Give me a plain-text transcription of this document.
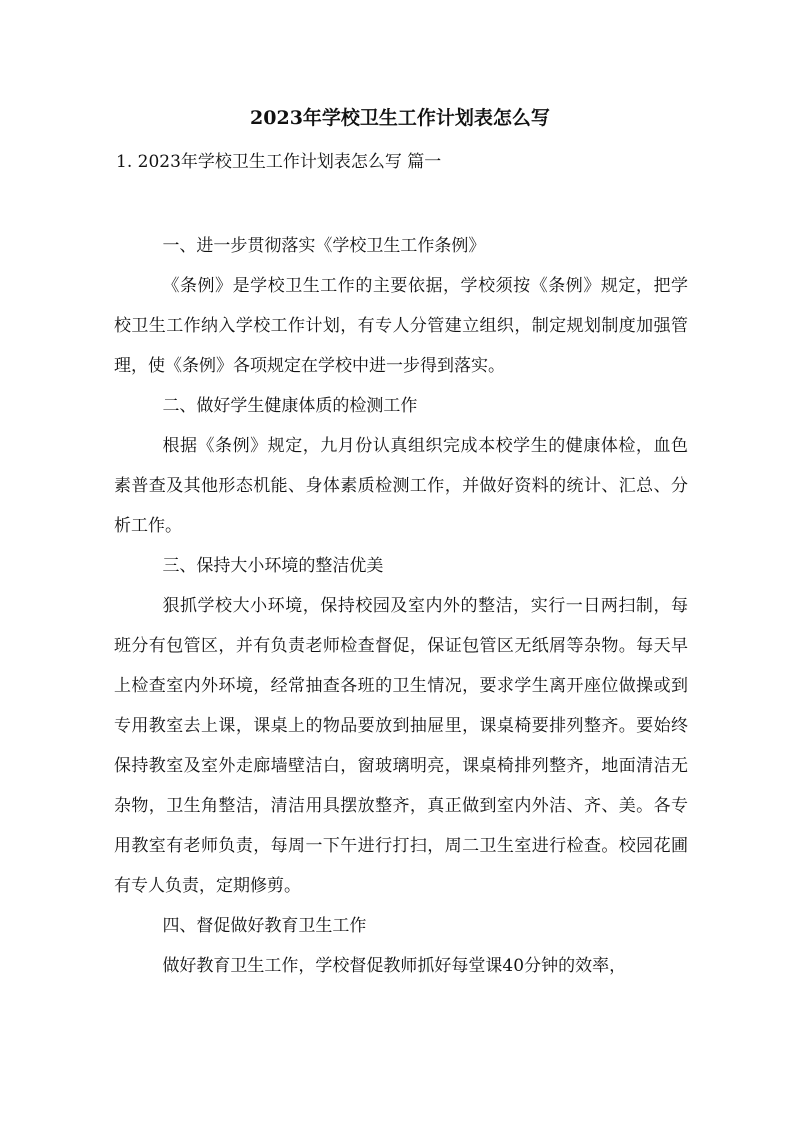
2023年学校卫生工作计划表怎么写

1. 2023年学校卫生工作计划表怎么写 篇一

一、进一步贯彻落实《学校卫生工作条例》

《条例》是学校卫生工作的主要依据，学校须按《条例》规定，把学校卫生工作纳入学校工作计划，有专人分管建立组织，制定规划制度加强管理，使《条例》各项规定在学校中进一步得到落实。

二、做好学生健康体质的检测工作

根据《条例》规定，九月份认真组织完成本校学生的健康体检，血色素普查及其他形态机能、身体素质检测工作，并做好资料的统计、汇总、分析工作。

三、保持大小环境的整洁优美

狠抓学校大小环境，保持校园及室内外的整洁，实行一日两扫制，每班分有包管区，并有负责老师检查督促，保证包管区无纸屑等杂物。每天早上检查室内外环境，经常抽查各班的卫生情况，要求学生离开座位做操或到专用教室去上课，课桌上的物品要放到抽屉里，课桌椅要排列整齐。要始终保持教室及室外走廊墙壁洁白，窗玻璃明亮，课桌椅排列整齐，地面清洁无杂物，卫生角整洁，清洁用具摆放整齐，真正做到室内外洁、齐、美。各专用教室有老师负责，每周一下午进行打扫，周二卫生室进行检查。校园花圃有专人负责，定期修剪。

四、督促做好教育卫生工作

做好教育卫生工作，学校督促教师抓好每堂课40分钟的效率，
